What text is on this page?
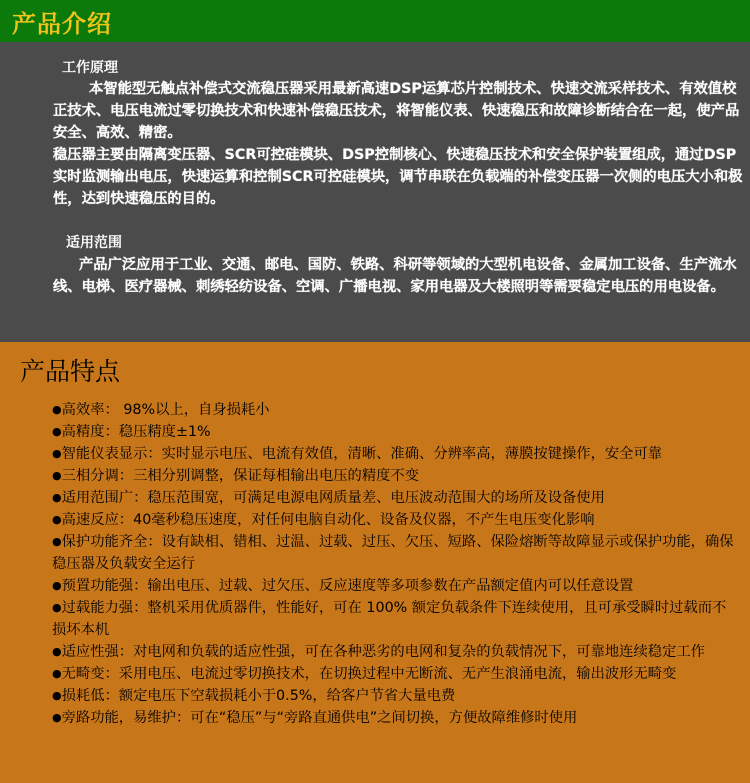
产品介绍
工作原理
本智能型无触点补偿式交流稳压器采用最新高速DSP运算芯片控制技术、快速交流采样技术、有效值校正技术、电压电流过零切换技术和快速补偿稳压技术，将智能仪表、快速稳压和故障诊断结合在一起，使产品安全、高效、精密。
稳压器主要由隔离变压器、SCR可控硅模块、DSP控制核心、快速稳压技术和安全保护装置组成，通过DSP实时监测输出电压，快速运算和控制SCR可控硅模块，调节串联在负载端的补偿变压器一次侧的电压大小和极性，达到快速稳压的目的。
适用范围
产品广泛应用于工业、交通、邮电、国防、铁路、科研等领域的大型机电设备、金属加工设备、生产流水线、电梯、医疗器械、刺绣轻纺设备、空调、广播电视、家用电器及大楼照明等需要稳定电压的用电设备。
产品特点
●高效率： 98%以上，自身损耗小
●高精度：稳压精度±1%
●智能仪表显示：实时显示电压、电流有效值，清晰、准确、分辨率高，薄膜按键操作，安全可靠
●三相分调：三相分别调整，保证每相输出电压的精度不变
●适用范围广：稳压范围宽，可满足电源电网质量差、电压波动范围大的场所及设备使用
●高速反应：40毫秒稳压速度，对任何电脑自动化、设备及仪器，不产生电压变化影响
●保护功能齐全：设有缺相、错相、过温、过载、过压、欠压、短路、保险熔断等故障显示或保护功能，确保稳压器及负载安全运行
●预置功能强：输出电压、过载、过欠压、反应速度等多项参数在产品额定值内可以任意设置
●过载能力强：整机采用优质器件，性能好，可在 100% 额定负载条件下连续使用，且可承受瞬时过载而不损坏本机
●适应性强：对电网和负载的适应性强，可在各种恶劣的电网和复杂的负载情况下，可靠地连续稳定工作
●无畸变：采用电压、电流过零切换技术，在切换过程中无断流、无产生浪涌电流，输出波形无畸变
●损耗低：额定电压下空载损耗小于0.5%，给客户节省大量电费
●旁路功能，易维护：可在“稳压”与“旁路直通供电”之间切换，方便故障维修时使用
